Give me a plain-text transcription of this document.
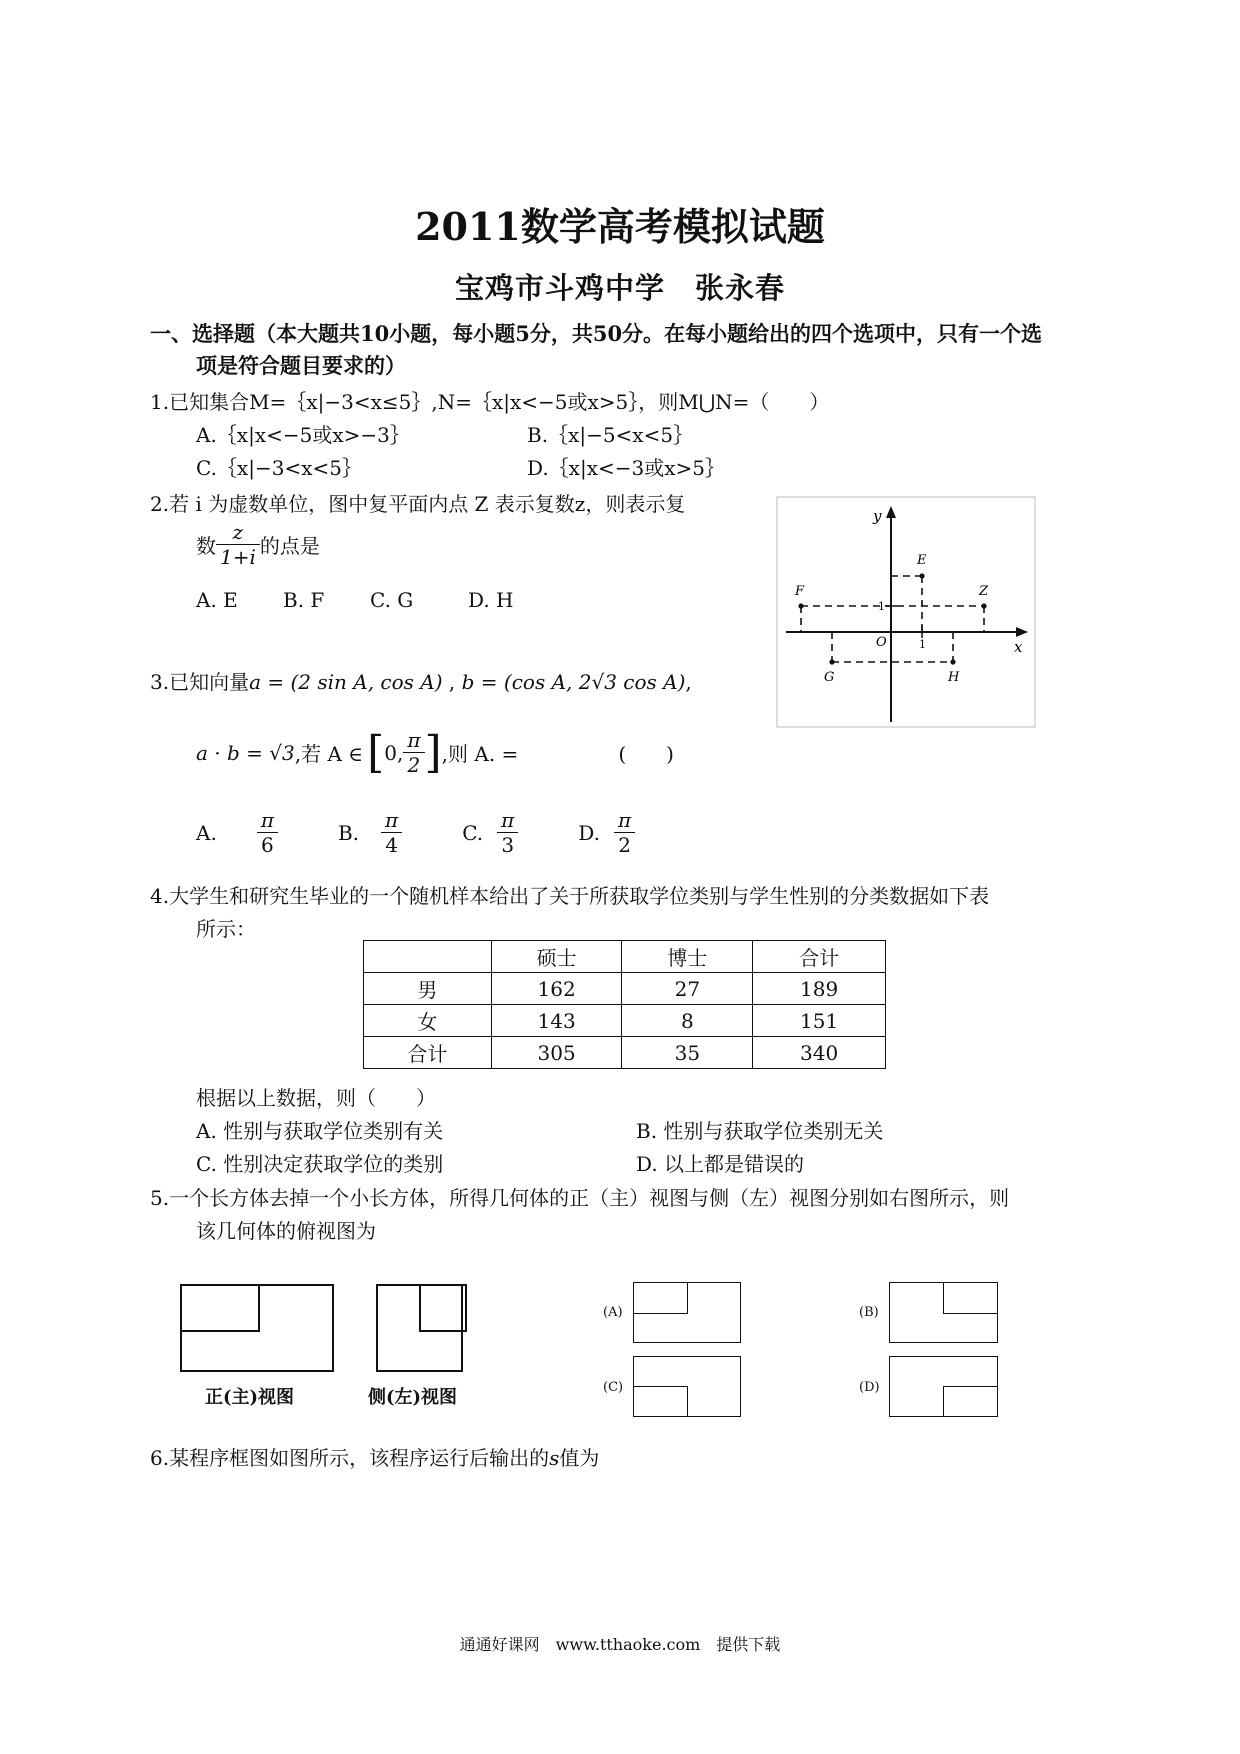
2011数学高考模拟试题
宝鸡市斗鸡中学　张永春
一、选择题（本大题共10小题，每小题5分，共50分。在每小题给出的四个选项中，只有一个选
项是符合题目要求的）
1.已知集合M=｛x|−3<x≤5｝,N=｛x|x<−5或x>5｝，则M⋃N=（　　）
A.｛x|x<−5或x>−3｝	B.｛x|−5<x<5｝
C.｛x|−3<x<5｝	D.｛x|x<−3或x>5｝
2.若 i 为虚数单位，图中复平面内点 Z 表示复数z，则表示复
数 $\frac{z}{1+i}$ 的点是
A. E B. F C. G	D. H
y
x
O	1
1
E
F	Z
G	H
3.已知向量a = (2 sin A, cos A) , b = (cos A, 2√3 cos A),
a · b = √3 ,若 A ∈ [ 0, $\frac{\pi}{2}$ ] ,则 A. =	(　　)
A. $\frac{\pi}{6}$	B. $\frac{\pi}{4}$	C. $\frac{\pi}{3}$	D. $\frac{\pi}{2}$
4.大学生和研究生毕业的一个随机样本给出了关于所获取学位类别与学生性别的分类数据如下表
所示：
	硕士	博士	合计
男	162	27	189
女	143	8	151
合计	305	35	340
根据以上数据，则（　　）
A. 性别与获取学位类别有关	B. 性别与获取学位类别无关
C. 性别决定获取学位的类别	D. 以上都是错误的
5.一个长方体去掉一个小长方体，所得几何体的正（主）视图与侧（左）视图分别如右图所示，则
该几何体的俯视图为
正(主)视图	侧(左)视图
(A)	(B)
(C)	(D)
6.某程序框图如图所示，该程序运行后输出的s值为
通通好课网　www.tthaoke.com　提供下载
